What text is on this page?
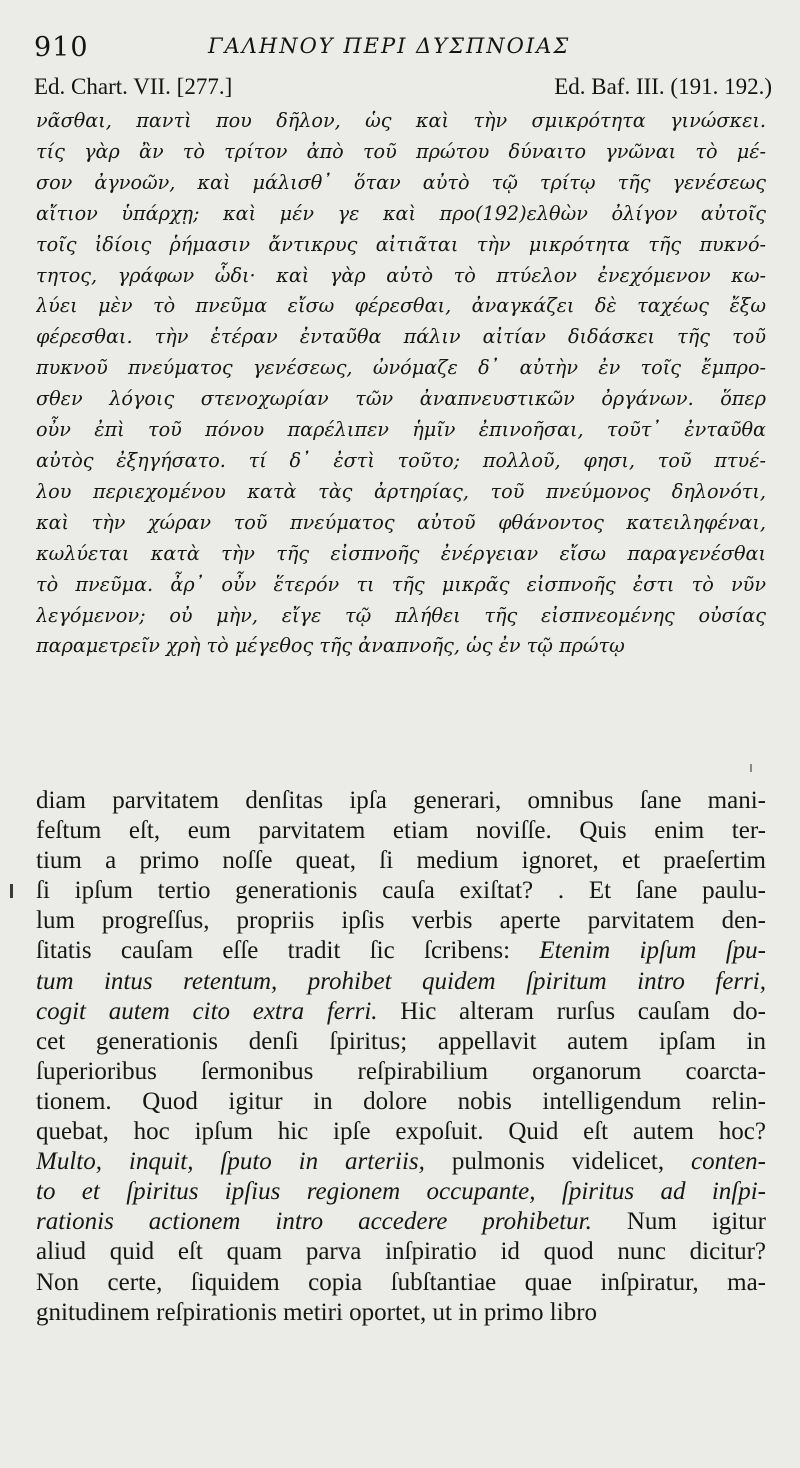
910	ΓΑΛΗΝΟΥ ΠΕΡΙ ΔΥΣΠΝΟΙΑΣ
Ed. Chart. VII. [277.]	Ed. Baf. III. (191. 192.)
νᾶσθαι, παντὶ που δῆλον, ὡς καὶ τὴν σμικρότητα γινώσκει.
τίς γὰρ ἂν τὸ τρίτον ἀπὸ τοῦ πρώτου δύναιτο γνῶναι τὸ μέ-
σον ἀγνοῶν, καὶ μάλισθ᾽ ὅταν αὐτὸ τῷ τρίτῳ τῆς γενέσεως
αἴτιον ὑπάρχῃ; καὶ μέν γε καὶ προ(192)ελθὼν ὀλίγον αὐτοῖς
τοῖς ἰδίοις ῥήμασιν ἄντικρυς αἰτιᾶται τὴν μικρότητα τῆς πυκνό-
τητος, γράφων ὧδι· καὶ γὰρ αὐτὸ τὸ πτύελον ἐνεχόμενον κω-
λύει μὲν τὸ πνεῦμα εἴσω φέρεσθαι, ἀναγκάζει δὲ ταχέως ἔξω
φέρεσθαι. τὴν ἑτέραν ἐνταῦθα πάλιν αἰτίαν διδάσκει τῆς τοῦ
πυκνοῦ πνεύματος γενέσεως, ὠνόμαζε δ᾽ αὐτὴν ἐν τοῖς ἔμπρο-
σθεν λόγοις στενοχωρίαν τῶν ἀναπνευστικῶν ὀργάνων. ὅπερ
οὖν ἐπὶ τοῦ πόνου παρέλιπεν ἡμῖν ἐπινοῆσαι, τοῦτ᾽ ἐνταῦθα
αὐτὸς ἐξηγήσατο. τί δ᾽ ἐστὶ τοῦτο; πολλοῦ, φησι, τοῦ πτυέ-
λου περιεχομένου κατὰ τὰς ἀρτηρίας, τοῦ πνεύμονος δηλονότι,
καὶ τὴν χώραν τοῦ πνεύματος αὐτοῦ φθάνοντος κατειληφέναι,
κωλύεται κατὰ τὴν τῆς εἰσπνοῆς ἐνέργειαν εἴσω παραγενέσθαι
τὸ πνεῦμα. ἆρ᾽ οὖν ἕτερόν τι τῆς μικρᾶς εἰσπνοῆς ἐστι τὸ νῦν
λεγόμενον; οὐ μὴν, εἴγε τῷ πλήθει τῆς εἰσπνεομένης οὐσίας
παραμετρεῖν χρὴ τὸ μέγεθος τῆς ἀναπνοῆς, ὡς ἐν τῷ πρώτῳ
diam parvitatem denſitas ipſa generari, omnibus ſane mani-
feſtum eſt, eum parvitatem etiam noviſſe. Quis enim ter-
tium a primo noſſe queat, ſi medium ignoret, et praeſertim
ſi ipſum tertio generationis cauſa exiſtat? . Et ſane paulu-
lum progreſſus, propriis ipſis verbis aperte parvitatem den-
ſitatis cauſam eſſe tradit ſic ſcribens: Etenim ipſum ſpu-
tum intus retentum, prohibet quidem ſpiritum intro ferri,
cogit autem cito extra ferri. Hic alteram rurſus cauſam do-
cet generationis denſi ſpiritus; appellavit autem ipſam in
ſuperioribus ſermonibus reſpirabilium organorum coarcta-
tionem. Quod igitur in dolore nobis intelligendum relin-
quebat, hoc ipſum hic ipſe expoſuit. Quid eſt autem hoc?
Multo, inquit, ſputo in arteriis, pulmonis videlicet, conten-
to et ſpiritus ipſius regionem occupante, ſpiritus ad inſpi-
rationis actionem intro accedere prohibetur. Num igitur
aliud quid eſt quam parva inſpiratio id quod nunc dicitur?
Non certe, ſiquidem copia ſubſtantiae quae inſpiratur, ma-
gnitudinem reſpirationis metiri oportet, ut in primo libro
